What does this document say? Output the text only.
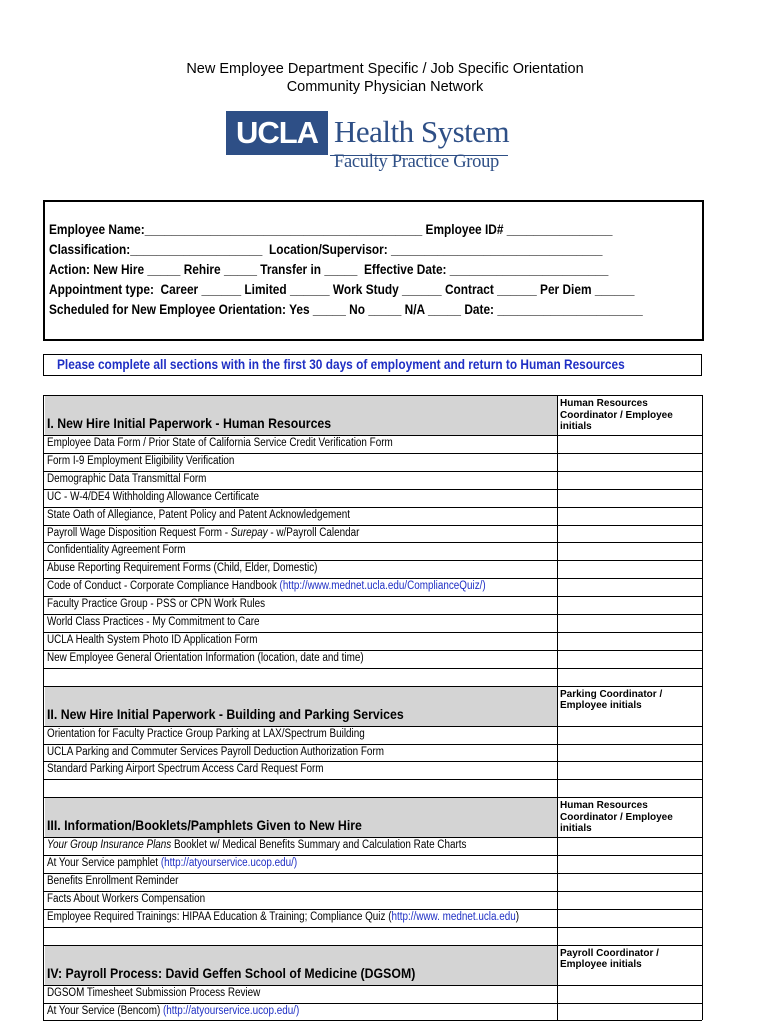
New Employee Department Specific / Job Specific Orientation
Community Physician Network
UCLA Health System
Faculty Practice Group
Employee Name:__________________________________________ Employee ID# ________________
Classification:____________________  Location/Supervisor: ________________________________
Action: New Hire _____ Rehire _____ Transfer in _____  Effective Date: ________________________
Appointment type:  Career ______ Limited ______ Work Study ______ Contract ______ Per Diem ______
Scheduled for New Employee Orientation: Yes _____ No _____ N/A _____ Date: ______________________
Please complete all sections with in the first 30 days of employment and return to Human Resources
I. New Hire Initial Paperwork - Human Resources
Human Resources Coordinator / Employee initials
Employee Data Form / Prior State of California Service Credit Verification Form
Form I-9 Employment Eligibility Verification
Demographic Data Transmittal Form
UC - W-4/DE4 Withholding Allowance Certificate
State Oath of Allegiance, Patent Policy and Patent Acknowledgement
Payroll Wage Disposition Request Form - Surepay - w/Payroll Calendar
Confidentiality Agreement Form
Abuse Reporting Requirement Forms (Child, Elder, Domestic)
Code of Conduct - Corporate Compliance Handbook (http://www.mednet.ucla.edu/ComplianceQuiz/)
Faculty Practice Group - PSS or CPN Work Rules
World Class Practices - My Commitment to Care
UCLA Health System Photo ID Application Form
New Employee General Orientation Information (location, date and time)
II. New Hire Initial Paperwork - Building and Parking Services
Parking Coordinator / Employee initials
Orientation for Faculty Practice Group Parking at LAX/Spectrum Building
UCLA Parking and Commuter Services Payroll Deduction Authorization Form
Standard Parking Airport Spectrum Access Card Request Form
III. Information/Booklets/Pamphlets Given to New Hire
Human Resources Coordinator / Employee initials
Your Group Insurance Plans Booklet w/ Medical Benefits Summary and Calculation Rate Charts
At Your Service pamphlet (http://atyourservice.ucop.edu/)
Benefits Enrollment Reminder
Facts About Workers Compensation
Employee Required Trainings: HIPAA Education & Training; Compliance Quiz (http://www. mednet.ucla.edu)
IV: Payroll Process: David Geffen School of Medicine (DGSOM)
Payroll Coordinator / Employee initials
DGSOM Timesheet Submission Process Review
At Your Service (Bencom) (http://atyourservice.ucop.edu/)
